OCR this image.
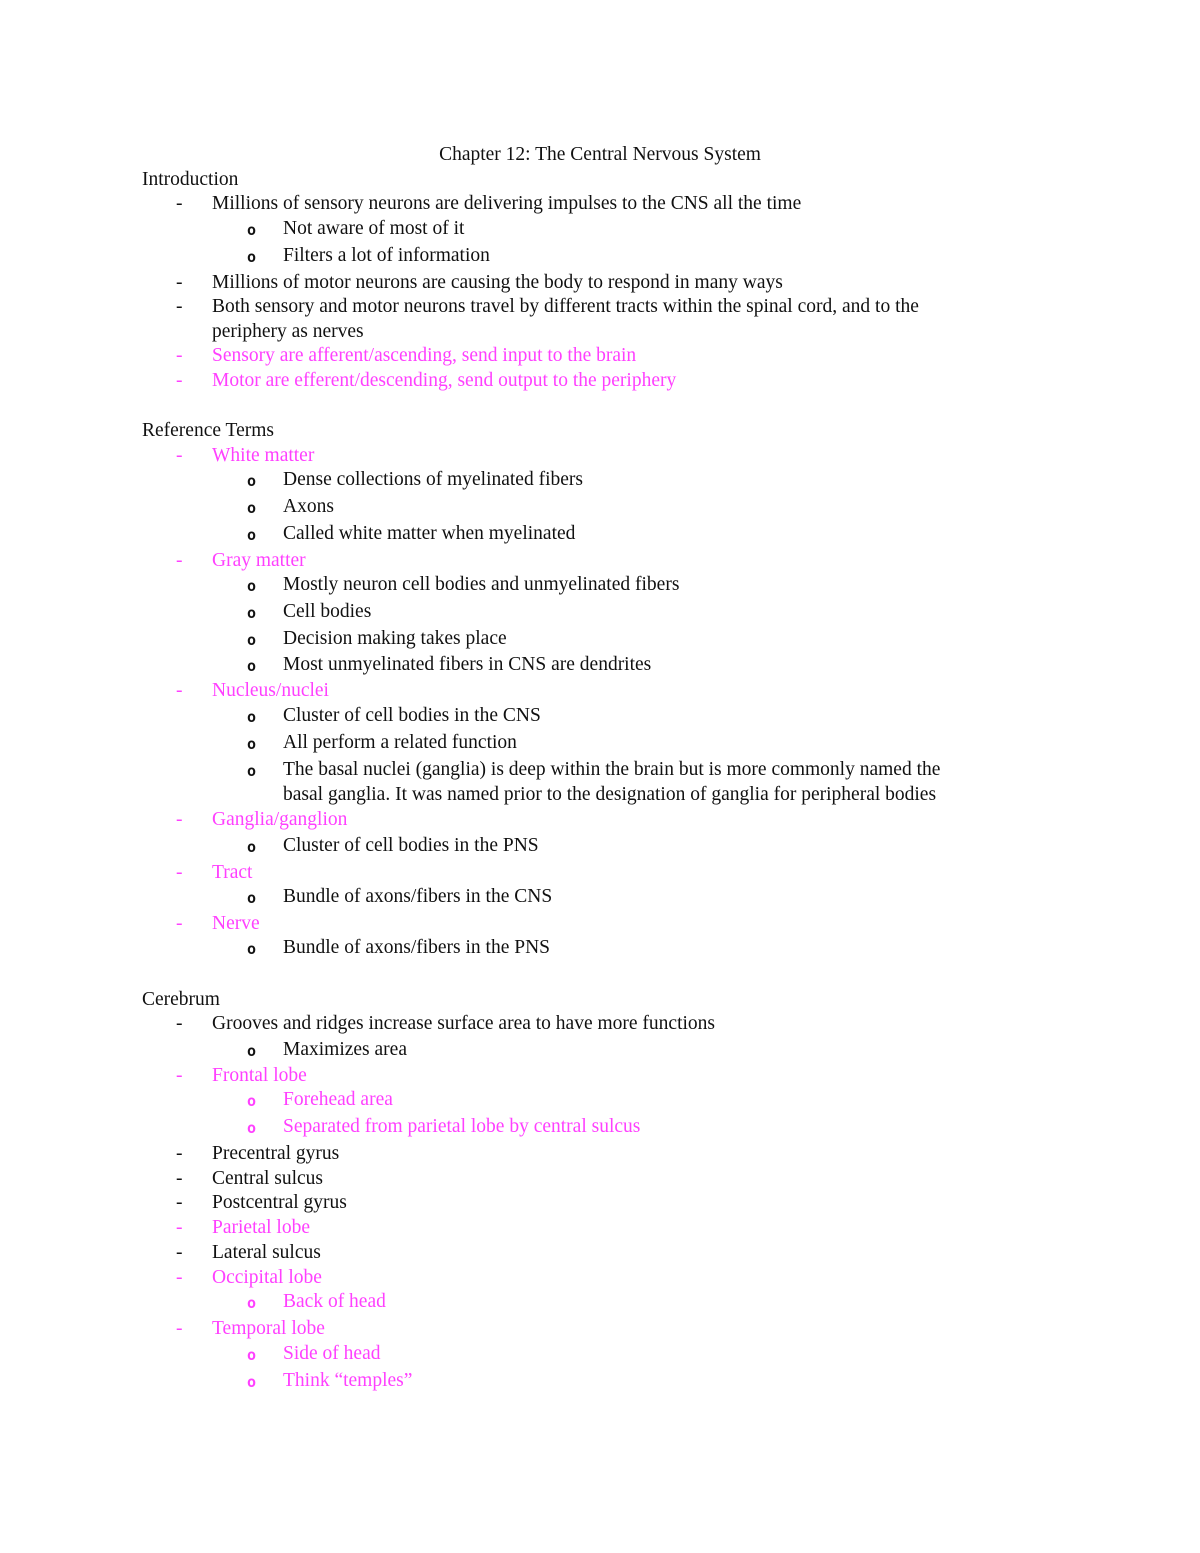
Chapter 12: The Central Nervous System
Introduction
- Millions of sensory neurons are delivering impulses to the CNS all the time
o Not aware of most of it
o Filters a lot of information
- Millions of motor neurons are causing the body to respond in many ways
- Both sensory and motor neurons travel by different tracts within the spinal cord, and to the
periphery as nerves
- Sensory are afferent/ascending, send input to the brain
- Motor are efferent/descending, send output to the periphery
Reference Terms
- White matter
o Dense collections of myelinated fibers
o Axons
o Called white matter when myelinated
- Gray matter
o Mostly neuron cell bodies and unmyelinated fibers
o Cell bodies
o Decision making takes place
o Most unmyelinated fibers in CNS are dendrites
- Nucleus/nuclei
o Cluster of cell bodies in the CNS
o All perform a related function
o The basal nuclei (ganglia) is deep within the brain but is more commonly named the
basal ganglia. It was named prior to the designation of ganglia for peripheral bodies
- Ganglia/ganglion
o Cluster of cell bodies in the PNS
- Tract
o Bundle of axons/fibers in the CNS
- Nerve
o Bundle of axons/fibers in the PNS
Cerebrum
- Grooves and ridges increase surface area to have more functions
o Maximizes area
- Frontal lobe
o Forehead area
o Separated from parietal lobe by central sulcus
- Precentral gyrus
- Central sulcus
- Postcentral gyrus
- Parietal lobe
- Lateral sulcus
- Occipital lobe
o Back of head
- Temporal lobe
o Side of head
o Think “temples”
